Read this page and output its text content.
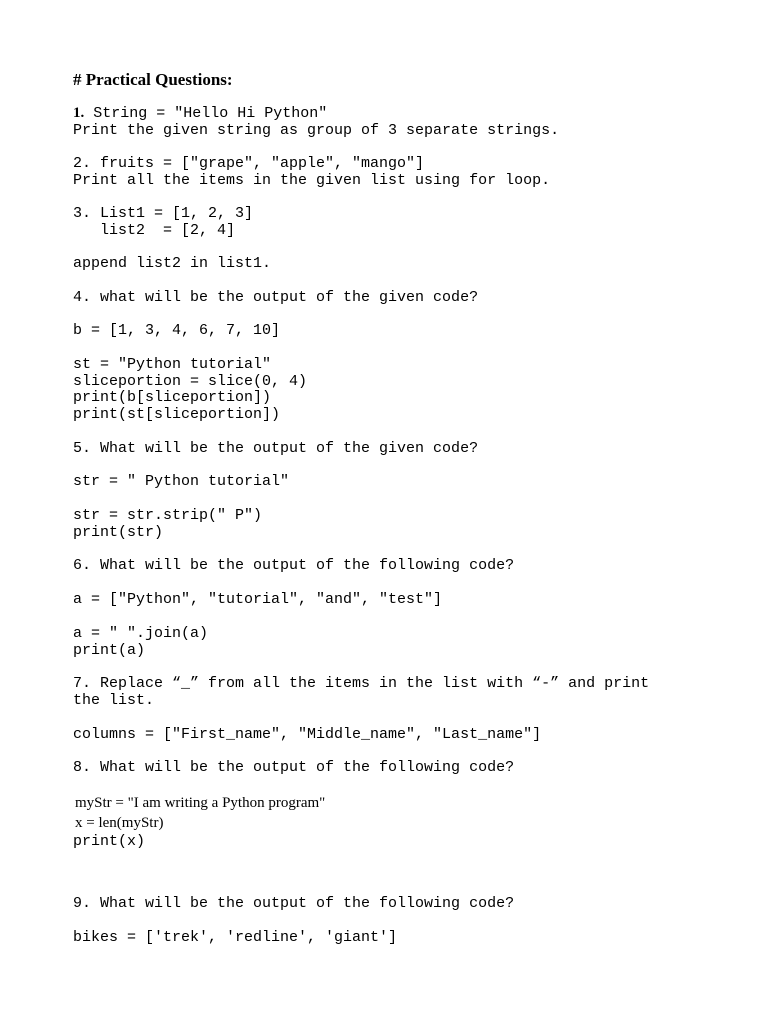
# Practical Questions:
1. String = "Hello Hi Python"
Print the given string as group of 3 separate strings.
2. fruits = ["grape", "apple", "mango"]
Print all the items in the given list using for loop.
3. List1 = [1, 2, 3]
list2  = [2, 4]
append list2 in list1.
4. what will be the output of the given code?
b = [1, 3, 4, 6, 7, 10]
st = "Python tutorial"
sliceportion = slice(0, 4)
print(b[sliceportion])
print(st[sliceportion])
5. What will be the output of the given code?
str = " Python tutorial"
str = str.strip(" P")
print(str)
6. What will be the output of the following code?
a = ["Python", "tutorial", "and", "test"]
a = " ".join(a)
print(a)
7. Replace “_” from all the items in the list with “-” and print
the list.
columns = ["First_name", "Middle_name", "Last_name"]
8. What will be the output of the following code?
myStr = "I am writing a Python program"
x = len(myStr)
print(x)
9. What will be the output of the following code?
bikes = ['trek', 'redline', 'giant']
